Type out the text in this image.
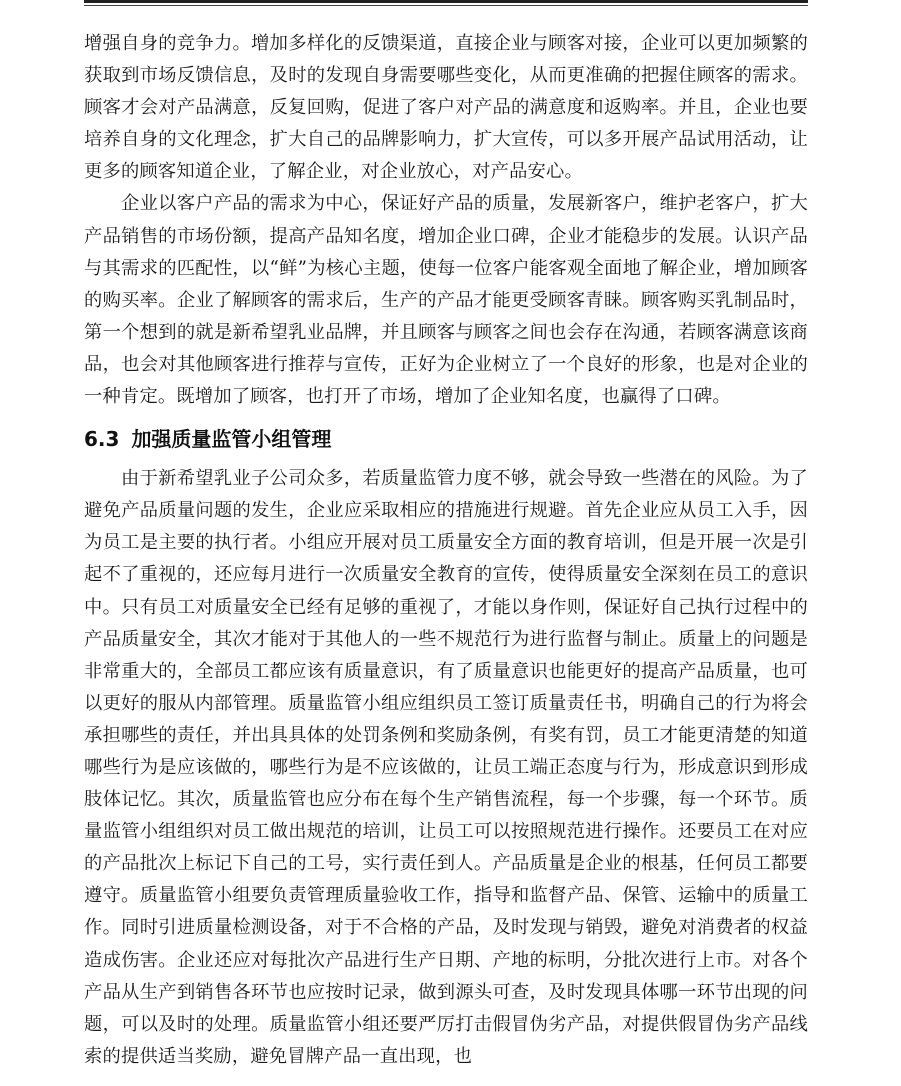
增强自身的竞争力。增加多样化的反馈渠道，直接企业与顾客对接，企业可以更加频繁的获取到市场反馈信息，及时的发现自身需要哪些变化，从而更准确的把握住顾客的需求。顾客才会对产品满意，反复回购，促进了客户对产品的满意度和返购率。并且，企业也要培养自身的文化理念，扩大自己的品牌影响力，扩大宣传，可以多开展产品试用活动，让更多的顾客知道企业，了解企业，对企业放心，对产品安心。

企业以客户产品的需求为中心，保证好产品的质量，发展新客户，维护老客户，扩大产品销售的市场份额，提高产品知名度，增加企业口碑，企业才能稳步的发展。认识产品与其需求的匹配性，以“鲜”为核心主题，使每一位客户能客观全面地了解企业，增加顾客的购买率。企业了解顾客的需求后，生产的产品才能更受顾客青睐。顾客购买乳制品时，第一个想到的就是新希望乳业品牌，并且顾客与顾客之间也会存在沟通，若顾客满意该商品，也会对其他顾客进行推荐与宣传，正好为企业树立了一个良好的形象，也是对企业的一种肯定。既增加了顾客，也打开了市场，增加了企业知名度，也赢得了口碑。

6.3 加强质量监管小组管理

由于新希望乳业子公司众多，若质量监管力度不够，就会导致一些潜在的风险。为了避免产品质量问题的发生，企业应采取相应的措施进行规避。首先企业应从员工入手，因为员工是主要的执行者。小组应开展对员工质量安全方面的教育培训，但是开展一次是引起不了重视的，还应每月进行一次质量安全教育的宣传，使得质量安全深刻在员工的意识中。只有员工对质量安全已经有足够的重视了，才能以身作则，保证好自己执行过程中的产品质量安全，其次才能对于其他人的一些不规范行为进行监督与制止。质量上的问题是非常重大的，全部员工都应该有质量意识，有了质量意识也能更好的提高产品质量，也可以更好的服从内部管理。质量监管小组应组织员工签订质量责任书，明确自己的行为将会承担哪些的责任，并出具具体的处罚条例和奖励条例，有奖有罚，员工才能更清楚的知道哪些行为是应该做的，哪些行为是不应该做的，让员工端正态度与行为，形成意识到形成肢体记忆。其次，质量监管也应分布在每个生产销售流程，每一个步骤，每一个环节。质量监管小组组织对员工做出规范的培训，让员工可以按照规范进行操作。还要员工在对应的产品批次上标记下自己的工号，实行责任到人。产品质量是企业的根基，任何员工都要遵守。质量监管小组要负责管理质量验收工作，指导和监督产品、保管、运输中的质量工作。同时引进质量检测设备，对于不合格的产品，及时发现与销毁，避免对消费者的权益造成伤害。企业还应对每批次产品进行生产日期、产地的标明，分批次进行上市。对各个产品从生产到销售各环节也应按时记录，做到源头可查，及时发现具体哪一环节出现的问题，可以及时的处理。质量监管小组还要严厉打击假冒伪劣产品，对提供假冒伪劣产品线索的提供适当奖励，避免冒牌产品一直出现，也
